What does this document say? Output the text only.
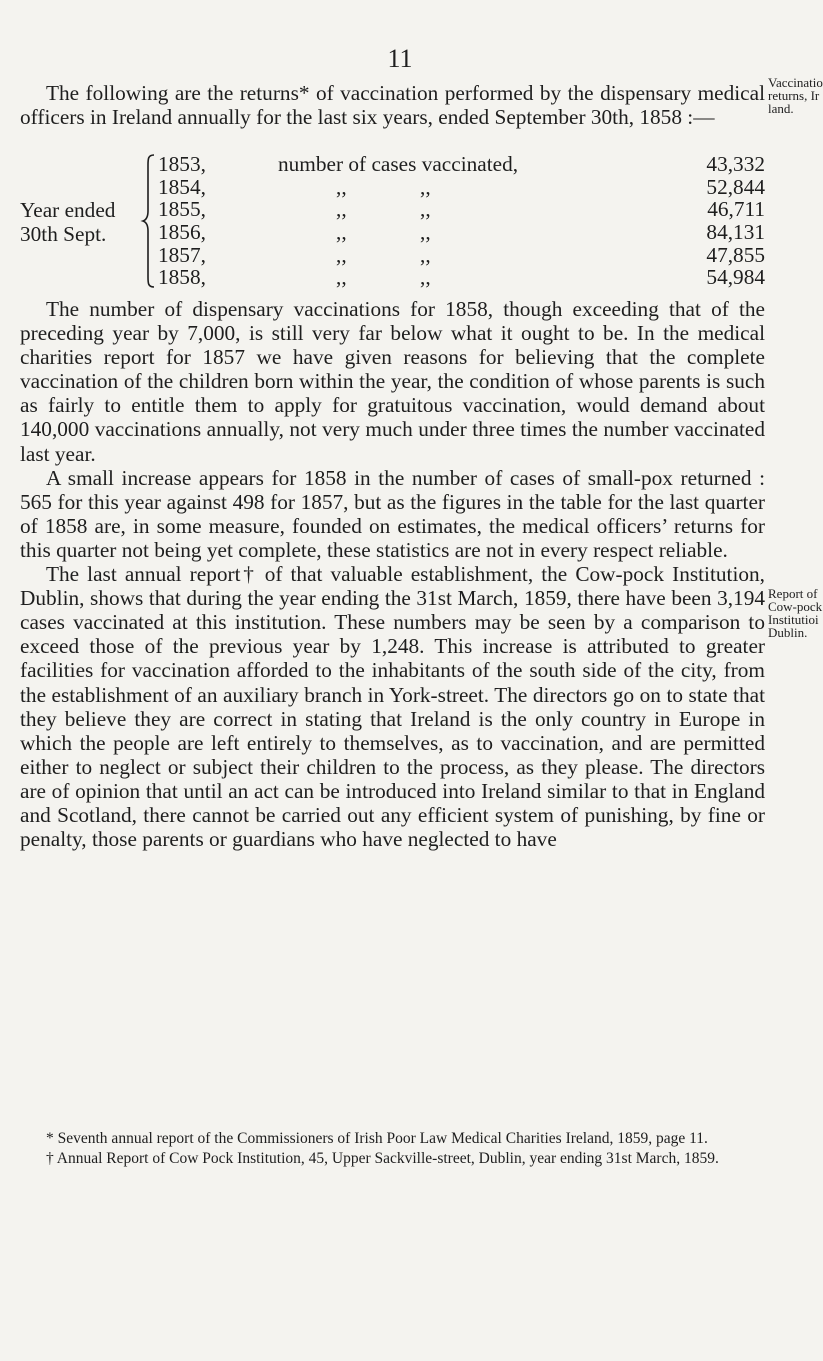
11

The following are the returns* of vaccination performed by the dispensary medical officers in Ireland annually for the last six years, ended September 30th, 1858 :—

Vaccinatio
returns, Ir
land.
Year ended 30th Sept.
1853,	number of cases vaccinated,	43,332
1854,	,,	,,	52,844
1855,	,,	,,	46,711
1856,	,,	,,	84,131
1857,	,,	,,	47,855
1858,	,,	,,	54,984

The number of dispensary vaccinations for 1858, though exceeding that of the preceding year by 7,000, is still very far below what it ought to be. In the medical charities report for 1857 we have given reasons for believing that the complete vaccination of the children born within the year, the condition of whose parents is such as fairly to entitle them to apply for gratuitous vaccination, would demand about 140,000 vaccinations annually, not very much under three times the number vaccinated last year.

A small increase appears for 1858 in the number of cases of small-pox returned : 565 for this year against 498 for 1857, but as the figures in the table for the last quarter of 1858 are, in some measure, founded on estimates, the medical officers’ returns for this quarter not being yet complete, these statistics are not in every respect reliable.

The last annual report† of that valuable establishment, the Cow-pock Institution, Dublin, shows that during the year ending the 31st March, 1859, there have been 3,194 cases vaccinated at this institution. These numbers may be seen by a comparison to exceed those of the previous year by 1,248. This increase is attributed to greater facilities for vaccination afforded to the inhabitants of the south side of the city, from the establishment of an auxiliary branch in York-street. The directors go on to state that they believe they are correct in stating that Ireland is the only country in Europe in which the people are left entirely to themselves, as to vaccination, and are permitted either to neglect or subject their children to the process, as they please. The directors are of opinion that until an act can be introduced into Ireland similar to that in England and Scotland, there cannot be carried out any efficient system of punishing, by fine or penalty, those parents or guardians who have neglected to have

Report of
Cow-pock
Institutioi
Dublin.

* Seventh annual report of the Commissioners of Irish Poor Law Medical Charities Ireland, 1859, page 11.

† Annual Report of Cow Pock Institution, 45, Upper Sackville-street, Dublin, year ending 31st March, 1859.
